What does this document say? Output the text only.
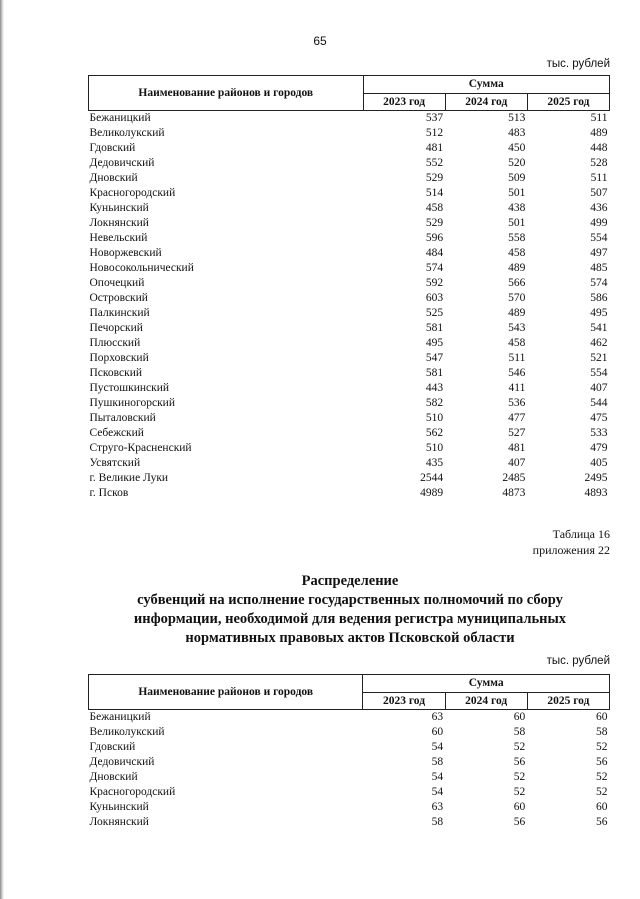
65
тыс. рублей
Наименование районов и городов	Сумма		
	2023 год	2024 год	2025 год
Бежаницкий	537	513	511
Великолукский	512	483	489
Гдовский	481	450	448
Дедовичский	552	520	528
Дновский	529	509	511
Красногородский	514	501	507
Куньинский	458	438	436
Локнянский	529	501	499
Невельский	596	558	554
Новоржевский	484	458	497
Новосокольнический	574	489	485
Опочецкий	592	566	574
Островский	603	570	586
Палкинский	525	489	495
Печорский	581	543	541
Плюсский	495	458	462
Порховский	547	511	521
Псковский	581	546	554
Пустошкинский	443	411	407
Пушкиногорский	582	536	544
Пыталовский	510	477	475
Себежский	562	527	533
Струго-Красненский	510	481	479
Усвятский	435	407	405
г. Великие Луки	2544	2485	2495
г. Псков	4989	4873	4893
Таблица 16
приложения 22
Распределение
субвенций на исполнение государственных полномочий по сбору
информации, необходимой для ведения регистра муниципальных
нормативных правовых актов Псковской области
тыс. рублей
Наименование районов и городов	Сумма		
	2023 год	2024 год	2025 год
Бежаницкий	63	60	60
Великолукский	60	58	58
Гдовский	54	52	52
Дедовичский	58	56	56
Дновский	54	52	52
Красногородский	54	52	52
Куньинский	63	60	60
Локнянский	58	56	56
